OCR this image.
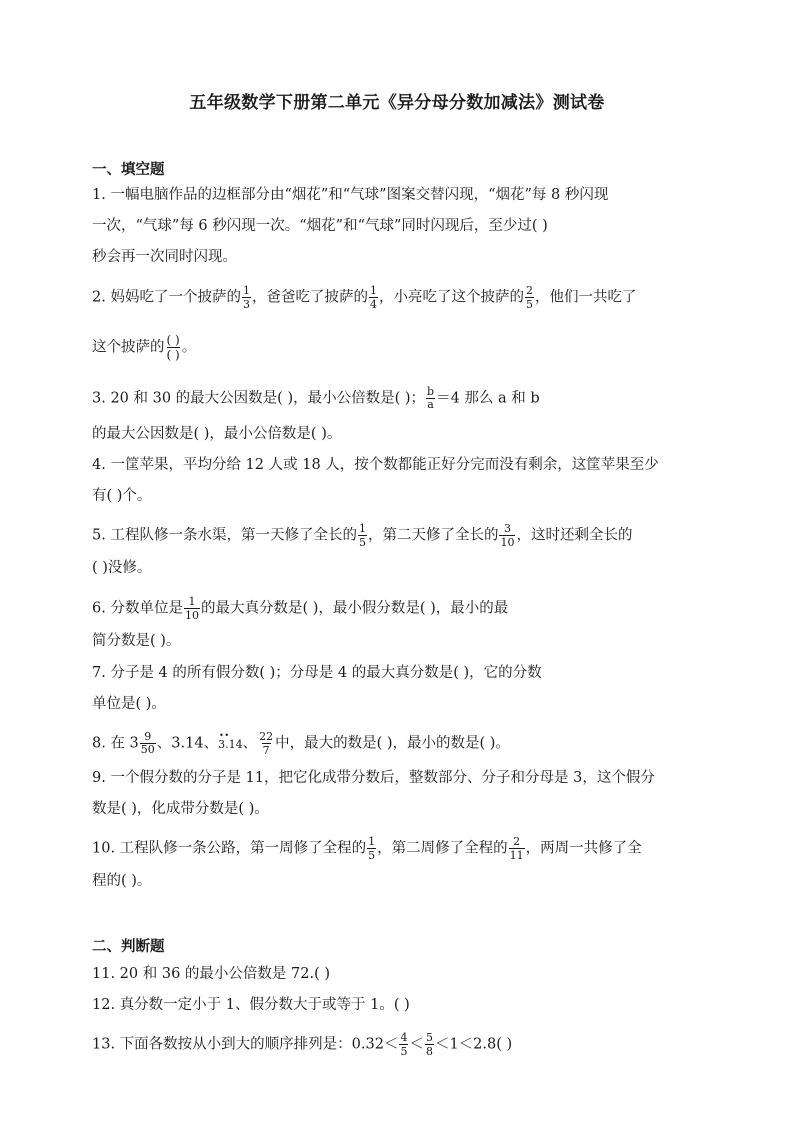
五年级数学下册第二单元《异分母分数加减法》测试卷
一、填空题
1. 一幅电脑作品的边框部分由“烟花”和“气球”图案交替闪现，“烟花”每 8 秒闪现
一次，“气球”每 6 秒闪现一次。“烟花”和“气球”同时闪现后，至少过( )
秒会再一次同时闪现。
2. 妈妈吃了一个披萨的 $\frac{1}{3}$ ，爸爸吃了披萨的 $\frac{1}{4}$ ，小亮吃了这个披萨的 $\frac{2}{5}$ ，他们一共吃了
这个披萨的 $\frac{( )}{( )}$ 。
3. 20 和 30 的最大公因数是( )，最小公倍数是( )； $\frac{b}{a} =4$ 那么 a 和 b
的最大公因数是( )，最小公倍数是( )。
4. 一筐苹果，平均分给 12 人或 18 人，按个数都能正好分完而没有剩余，这筐苹果至少
有( )个。
5. 工程队修一条水渠，第一天修了全长的 $\frac{1}{5}$ ，第二天修了全长的 $\frac{3}{10}$ ，这时还剩全长的
( )没修。
6. 分数单位是 $\frac{1}{10}$ 的最大真分数是( )，最小假分数是( )，最小的最
简分数是( )。
7. 分子是 4 的所有假分数( )；分母是 4 的最大真分数是( )，它的分数
单位是( )。
8. 在 $3 \frac{9}{50}$ 、3.14、• • 3.14、 $\frac{22}{7}$ 中，最大的数是( )，最小的数是( )。
9. 一个假分数的分子是 11，把它化成带分数后，整数部分、分子和分母是 3，这个假分
数是( )，化成带分数是( )。
10. 工程队修一条公路，第一周修了全程的 $\frac{1}{5}$ ，第二周修了全程的 $\frac{2}{11}$ ，两周一共修了全
程的( )。
二、判断题
11. 20 和 36 的最小公倍数是 72.( )
12. 真分数一定小于 1、假分数大于或等于 1。( )
13. 下面各数按从小到大的顺序排列是：$0.32< \frac{4}{5} < \frac{5}{8} <1<2.8$( )
